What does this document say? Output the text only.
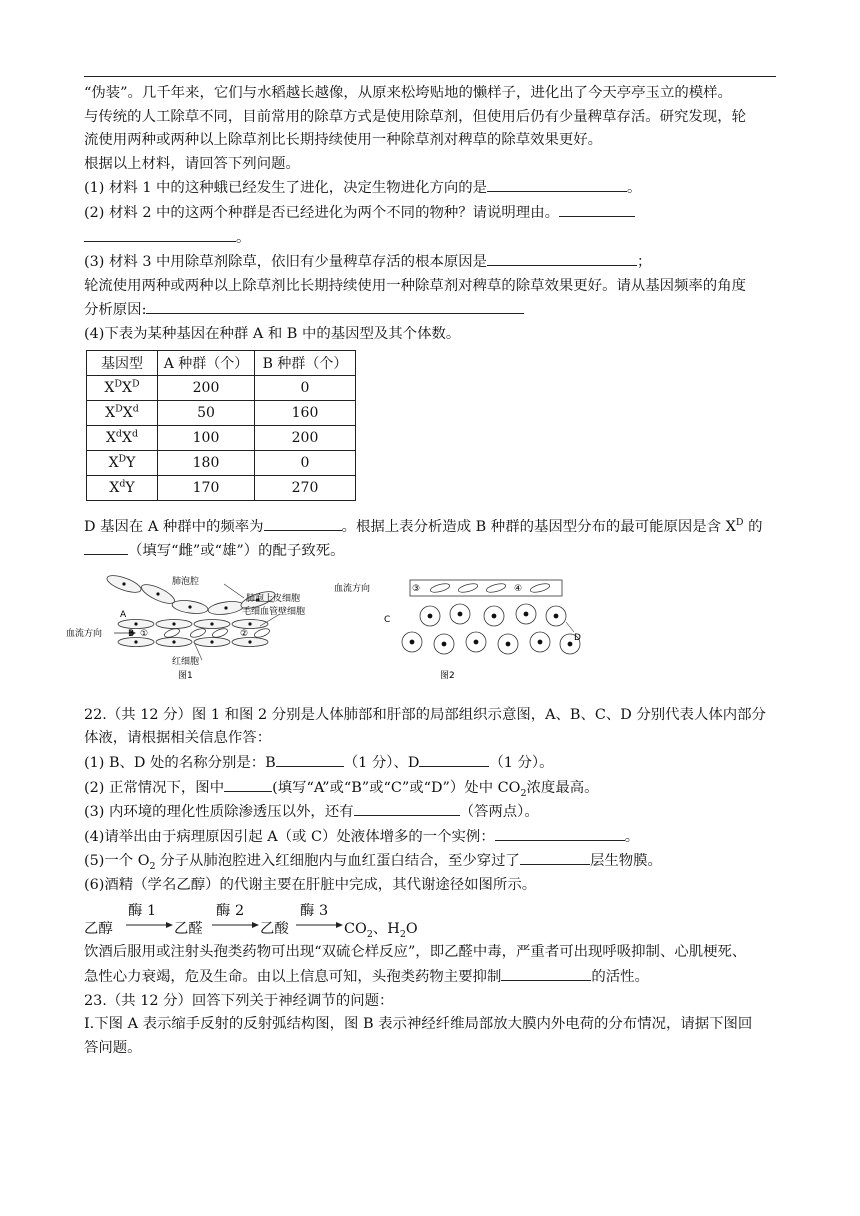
“伪装”。几千年来，它们与水稻越长越像，从原来松垮贴地的懒样子，进化出了今天亭亭玉立的模样。
与传统的人工除草不同，目前常用的除草方式是使用除草剂，但使用后仍有少量稗草存活。研究发现，轮
流使用两种或两种以上除草剂比长期持续使用一种除草剂对稗草的除草效果更好。
根据以上材料，请回答下列问题。
(1) 材料 1 中的这种蛾已经发生了进化，决定生物进化方向的是	。
(2) 材料 2 中的这两个种群是否已经进化为两个不同的物种？请说明理由。
。
(3) 材料 3 中用除草剂除草，依旧有少量稗草存活的根本原因是	；
轮流使用两种或两种以上除草剂比长期持续使用一种除草剂对稗草的除草效果更好。请从基因频率的角度
分析原因:
(4)下表为某种基因在种群 A 和 B 中的基因型及其个体数。
基因型	A 种群（个）	B 种群（个）
$X^DX^D$	200	0
$X^DX^d$	50	160
$X^dX^d$	100	200
$X^DY$	180	0
$X^dY$	170	270
D 基因在 A 种群中的频率为	。根据上表分析造成 B 种群的基因型分布的最可能原因是含 $X^D$ 的
（填写“雌”或“雄”）的配子致死。
肺泡腔
肺泡上皮细胞
毛细血管壁细胞
A
B ①	②
血流方向
红细胞
图1
血流方向	③	④
C
D
图2
22.（共 12 分）图 1 和图 2 分别是人体肺部和肝部的局部组织示意图，A、B、C、D 分别代表人体内部分
体液，请根据相关信息作答：
(1) B、D 处的名称分别是：B	（1 分）、D	（1 分）。
(2) 正常情况下，图中	(填写“A”或“B”或“C”或“D”）处中 $CO_2$浓度最高。
(3) 内环境的理化性质除渗透压以外，还有	（答两点）。
(4)请举出由于病理原因引起 A（或 C）处液体增多的一个实例：	。
(5)一个 $O_2$ 分子从肺泡腔进入红细胞内与血红蛋白结合，至少穿过了	层生物膜。
(6)酒精（学名乙醇）的代谢主要在肝脏中完成，其代谢途径如图所示。
乙醇
酶 1
乙醛
酶 2
乙酸
酶 3
$CO_2$、$H_2O$
饮酒后服用或注射头孢类药物可出现“双硫仑样反应”，即乙醛中毒，严重者可出现呼吸抑制、心肌梗死、
急性心力衰竭，危及生命。由以上信息可知，头孢类药物主要抑制	的活性。
23.（共 12 分）回答下列关于神经调节的问题：
I.下图 A 表示缩手反射的反射弧结构图，图 B 表示神经纤维局部放大膜内外电荷的分布情况，请据下图回
答问题。
